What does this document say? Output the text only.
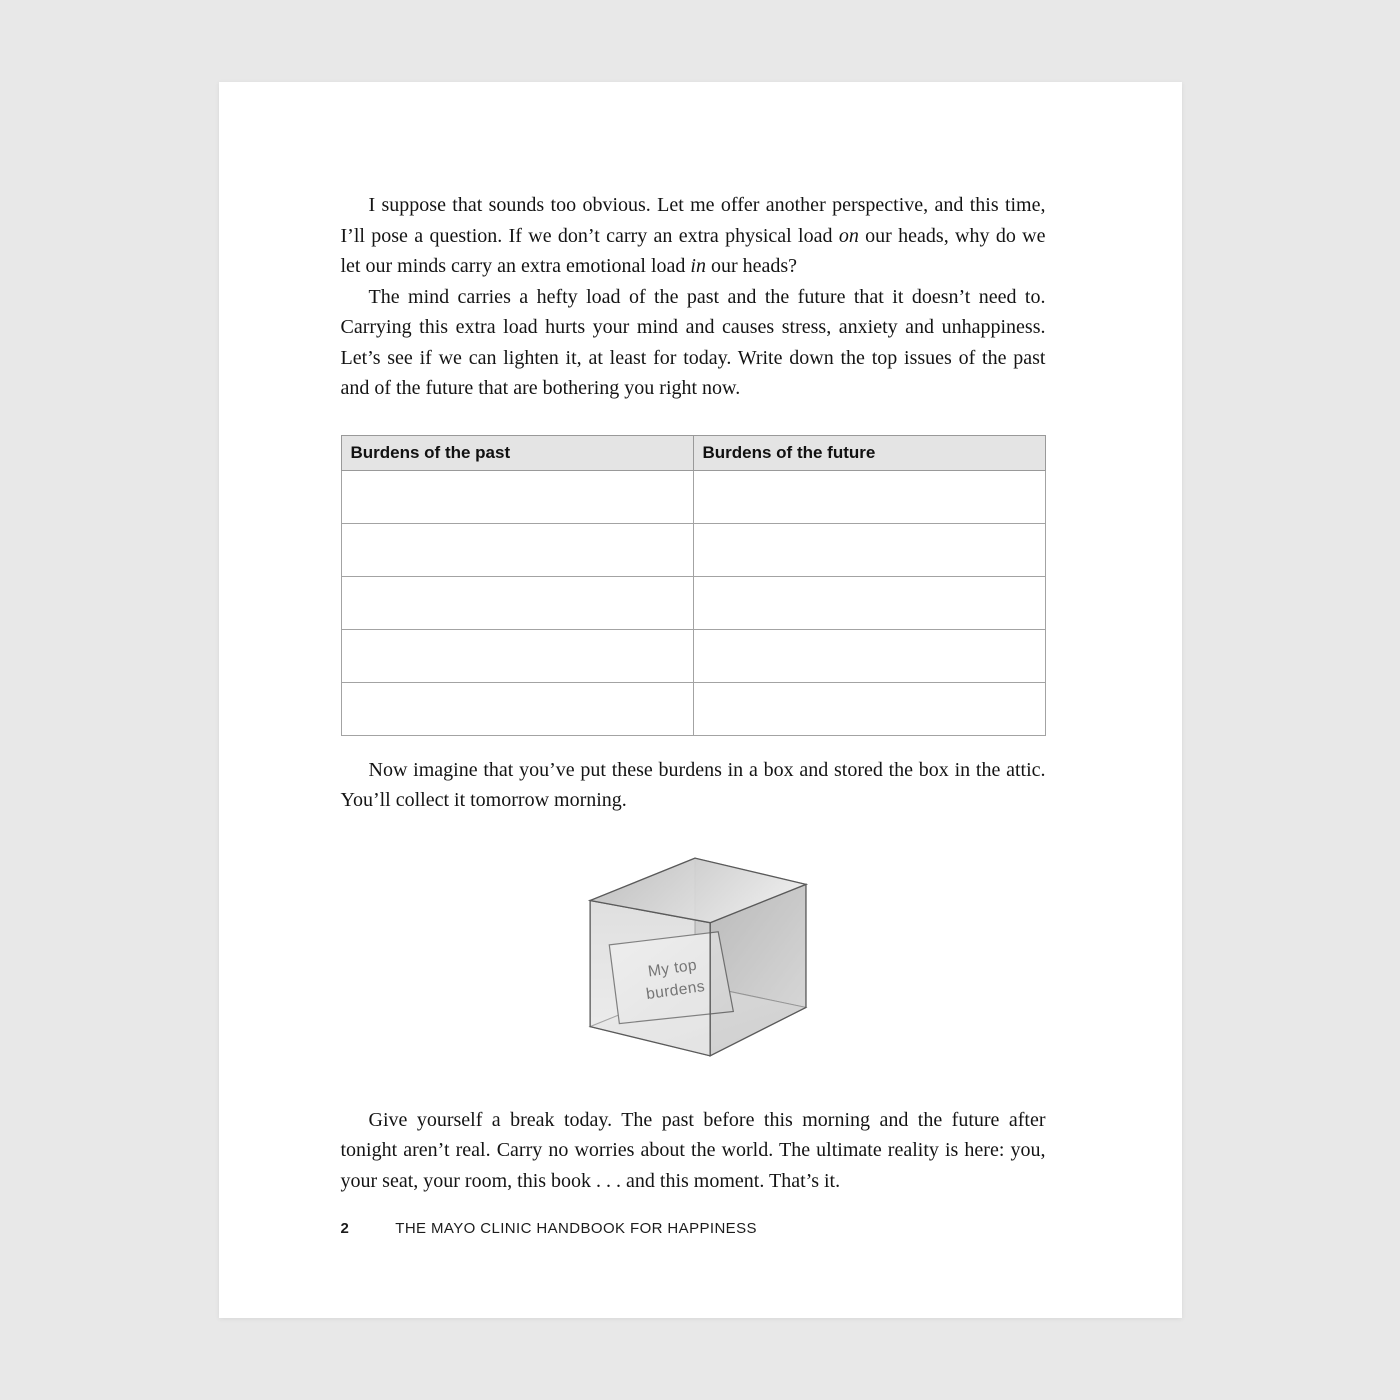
I suppose that sounds too obvious. Let me offer another perspective, and this time, I’ll pose a question. If we don’t carry an extra physical load on our heads, why do we let our minds carry an extra emotional load in our heads?

The mind carries a hefty load of the past and the future that it doesn’t need to. Carrying this extra load hurts your mind and causes stress, anxiety and unhappiness. Let’s see if we can lighten it, at least for today. Write down the top issues of the past and of the future that are bothering you right now.

Burdens of the past	Burdens of the future

Now imagine that you’ve put these burdens in a box and stored the box in the attic. You’ll collect it tomorrow morning.

Give yourself a break today. The past before this morning and the future after tonight aren’t real. Carry no worries about the world. The ultimate reality is here: you, your seat, your room, this book . . . and this moment. That’s it.

2	THE MAYO CLINIC HANDBOOK FOR HAPPINESS
